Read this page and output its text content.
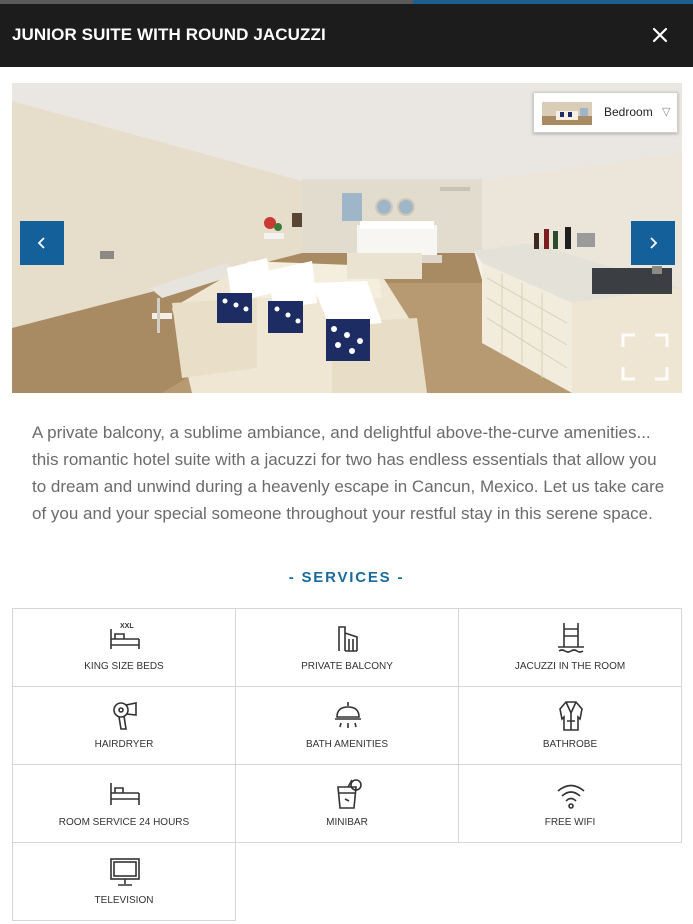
JUNIOR SUITE WITH ROUND JACUZZI
Bedroom ▽

A private balcony, a sublime ambiance, and delightful above-the-curve amenities... this romantic hotel suite with a jacuzzi for two has endless essentials that allow you to dream and unwind during a heavenly escape in Cancun, Mexico. Let us take care of you and your special someone throughout your restful stay in this serene space.

- SERVICES -
XXL
KING SIZE BEDS	PRIVATE BALCONY	JACUZZI IN THE ROOM
HAIRDRYER	BATH AMENITIES	BATHROBE
ROOM SERVICE 24 HOURS	MINIBAR	FREE WIFI
TELEVISION
